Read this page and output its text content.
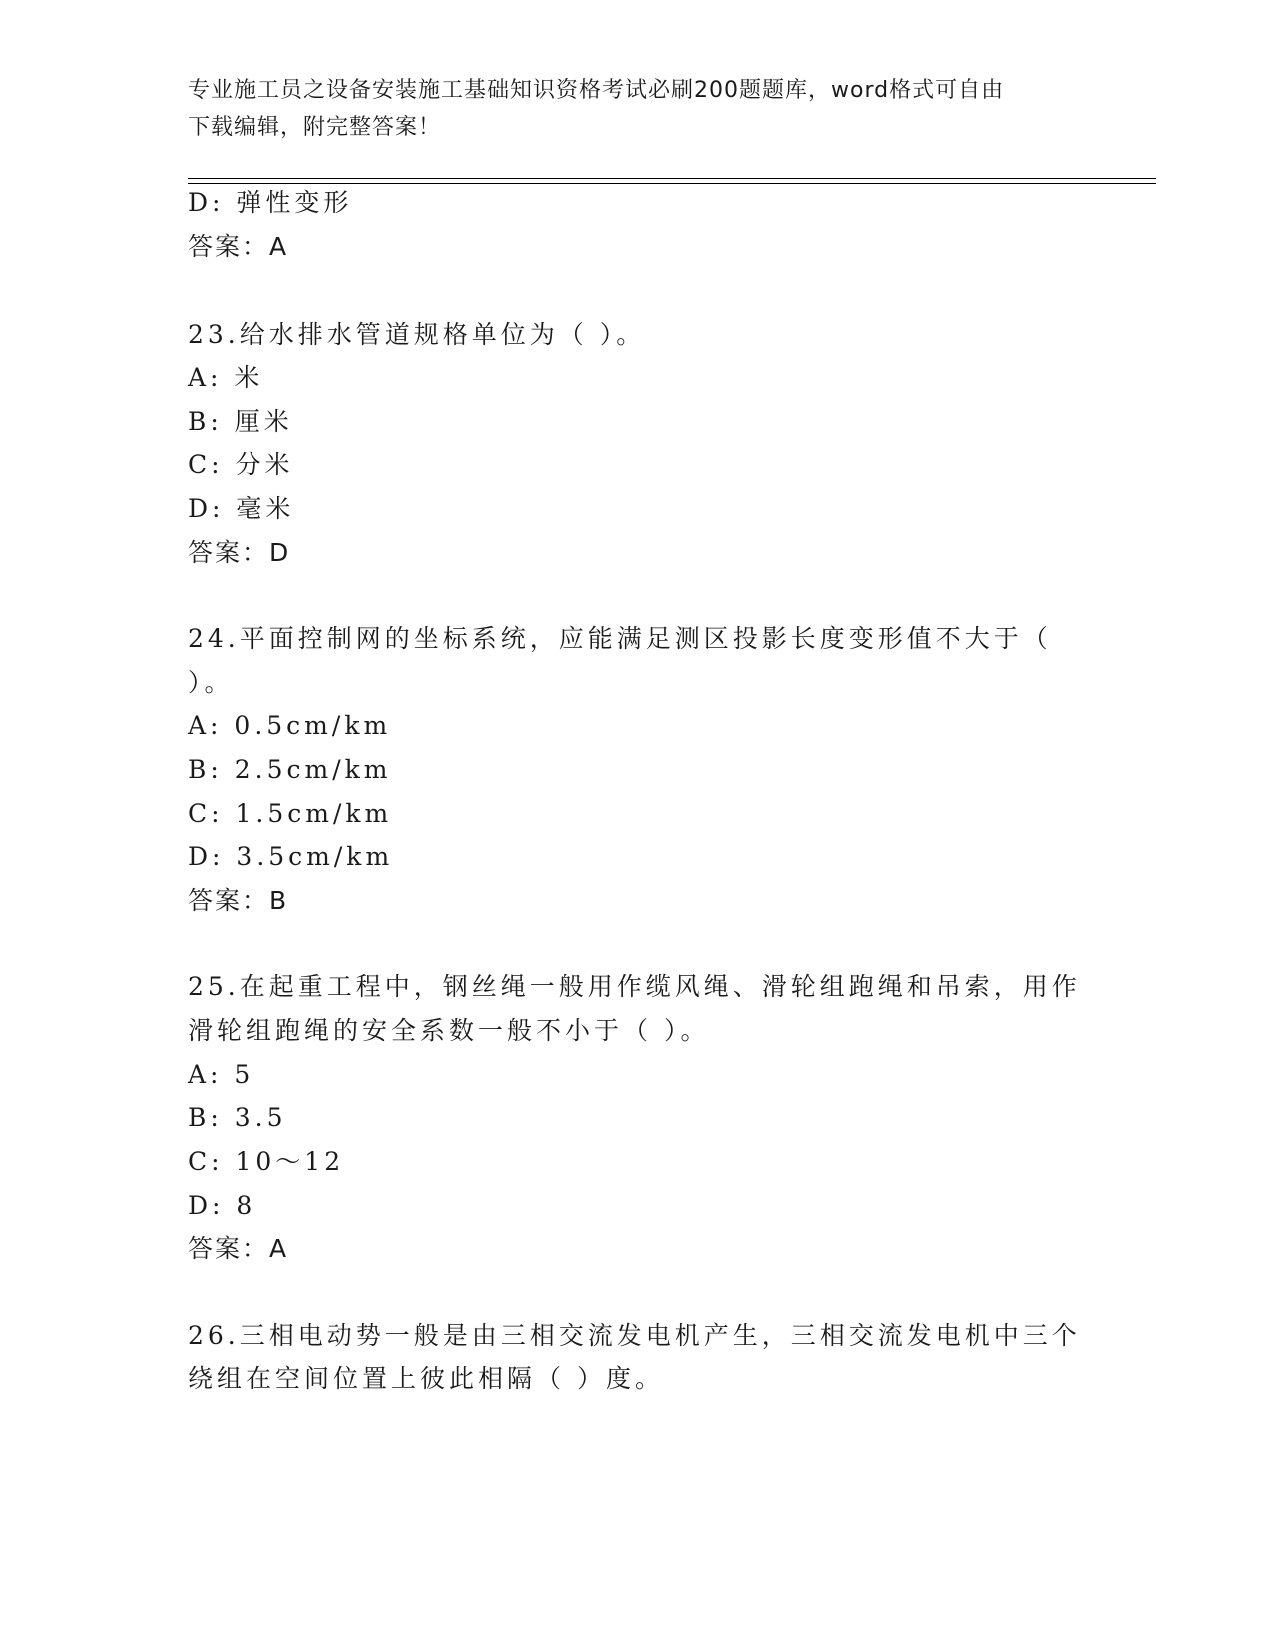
专业施工员之设备安装施工基础知识资格考试必刷200题题库，word格式可自由
下载编辑，附完整答案！
D: 弹性变形
答案：A
23.给水排水管道规格单位为（ ）。
A: 米
B: 厘米
C: 分米
D: 毫米
答案：D
24.平面控制网的坐标系统，应能满足测区投影长度变形值不大于（
）。
A: 0.5cm/km
B: 2.5cm/km
C: 1.5cm/km
D: 3.5cm/km
答案：B
25.在起重工程中，钢丝绳一般用作缆风绳、滑轮组跑绳和吊索，用作
滑轮组跑绳的安全系数一般不小于（ ）。
A: 5
B: 3.5
C: 10～12
D: 8
答案：A
26.三相电动势一般是由三相交流发电机产生，三相交流发电机中三个
绕组在空间位置上彼此相隔（ ）度。
